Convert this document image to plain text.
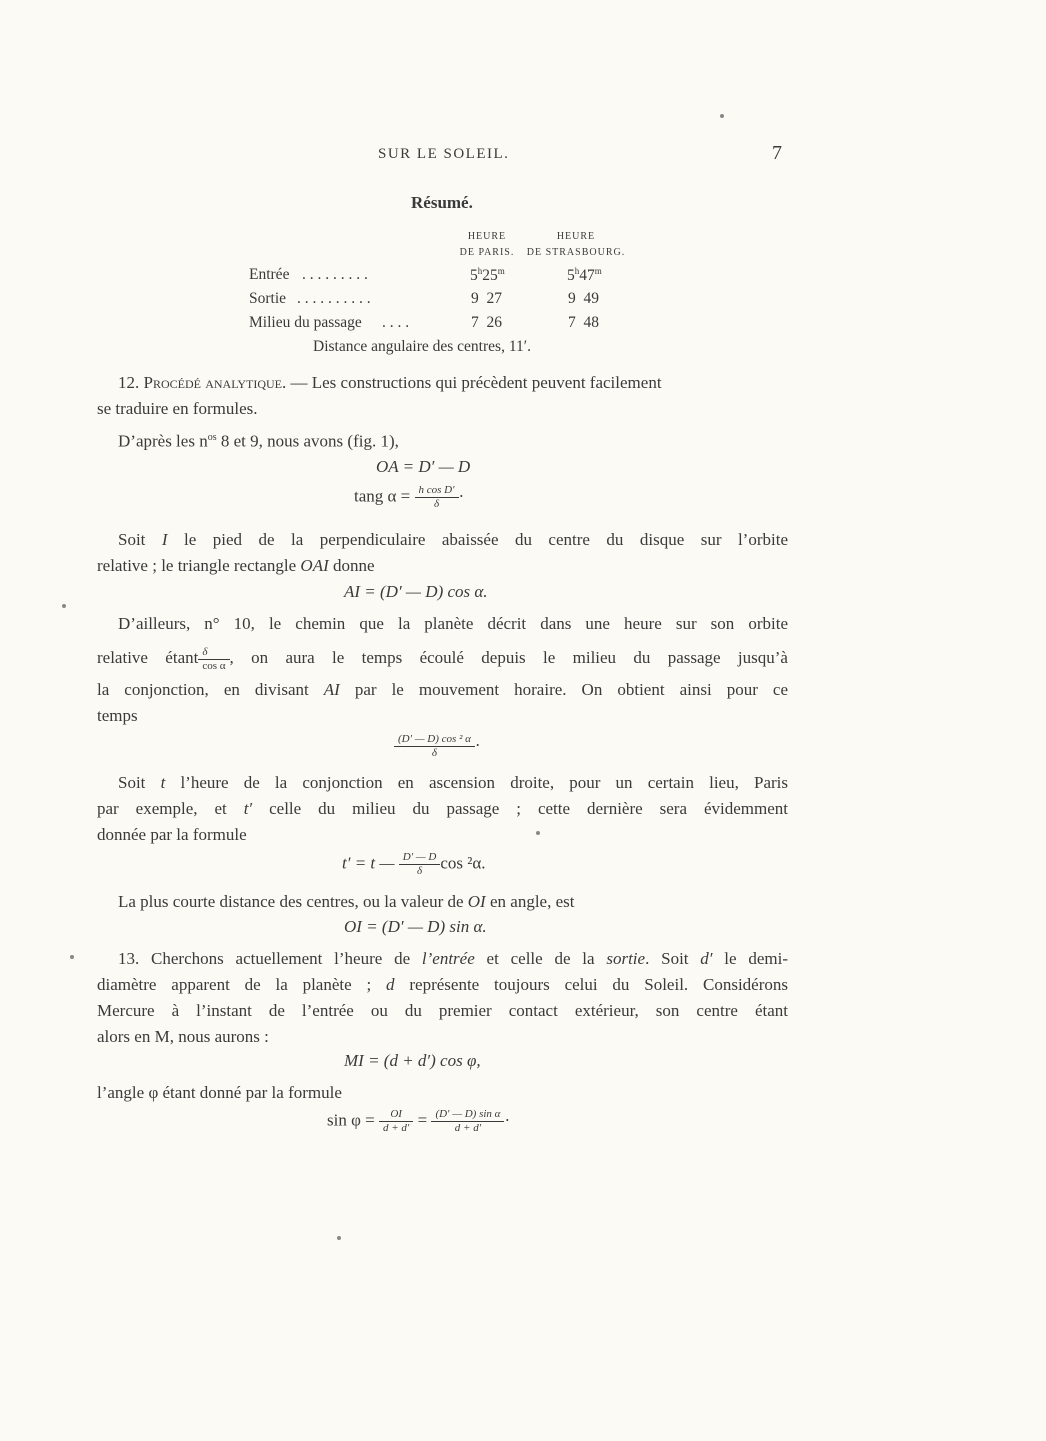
SUR LE SOLEIL.	7
Résumé.
HEURE
DE PARIS.
HEURE
DE STRASBOURG.
Entrée . . . . . . . . .	5$^h$25$^m$	5$^h$47$^m$
Sortie . . . . . . . . . .	9  27	9  49
Milieu du passage . . . .	7  26	7  48
Distance angulaire des centres, 11′.
12. Procédé analytique. — Les constructions qui précèdent peuvent facilement
se traduire en formules.
D’après les $n^{os}$ 8 et 9, nous avons (fig. 1),
OA = D′ — D
tang $\alpha = \frac{\text{h cos D′}}{\delta}$ ·
Soit I le pied de la perpendiculaire abaissée du centre du disque sur l’orbite
relative ; le triangle rectangle OAI donne
AI = (D′ — D) cos α.
D’ailleurs, n° 10, le chemin que la planète décrit dans une heure sur son orbite
relative étant $\frac{\delta}{\text{cos α}}$ , on aura le temps écoulé depuis le milieu du passage jusqu’à
la conjonction, en divisant AI par le mouvement horaire. On obtient ainsi pour ce
temps
$\frac{\text{(D′ — D) cos ² α}}{\delta}$ ·
Soit t l’heure de la conjonction en ascension droite, pour un certain lieu, Paris
par exemple, et t′ celle du milieu du passage ; cette dernière sera évidemment
donnée par la formule
t′ = t — $\frac{D' — D}{\delta}$ cos ²α.
La plus courte distance des centres, ou la valeur de OI en angle, est
OI = (D′ — D) sin α.
13. Cherchons actuellement l’heure de l’entrée et celle de la sortie. Soit d′ le demi-
diamètre apparent de la planète ; d représente toujours celui du Soleil. Considérons
Mercure à l’instant de l’entrée ou du premier contact extérieur, son centre étant
alors en M, nous aurons :
MI = (d + d′) cos φ,
l’angle φ étant donné par la formule
$\sin \varphi = \frac{OI}{d + d'} = \frac{\text{(D′ — D) sin α}}{d + d'}$ ·
